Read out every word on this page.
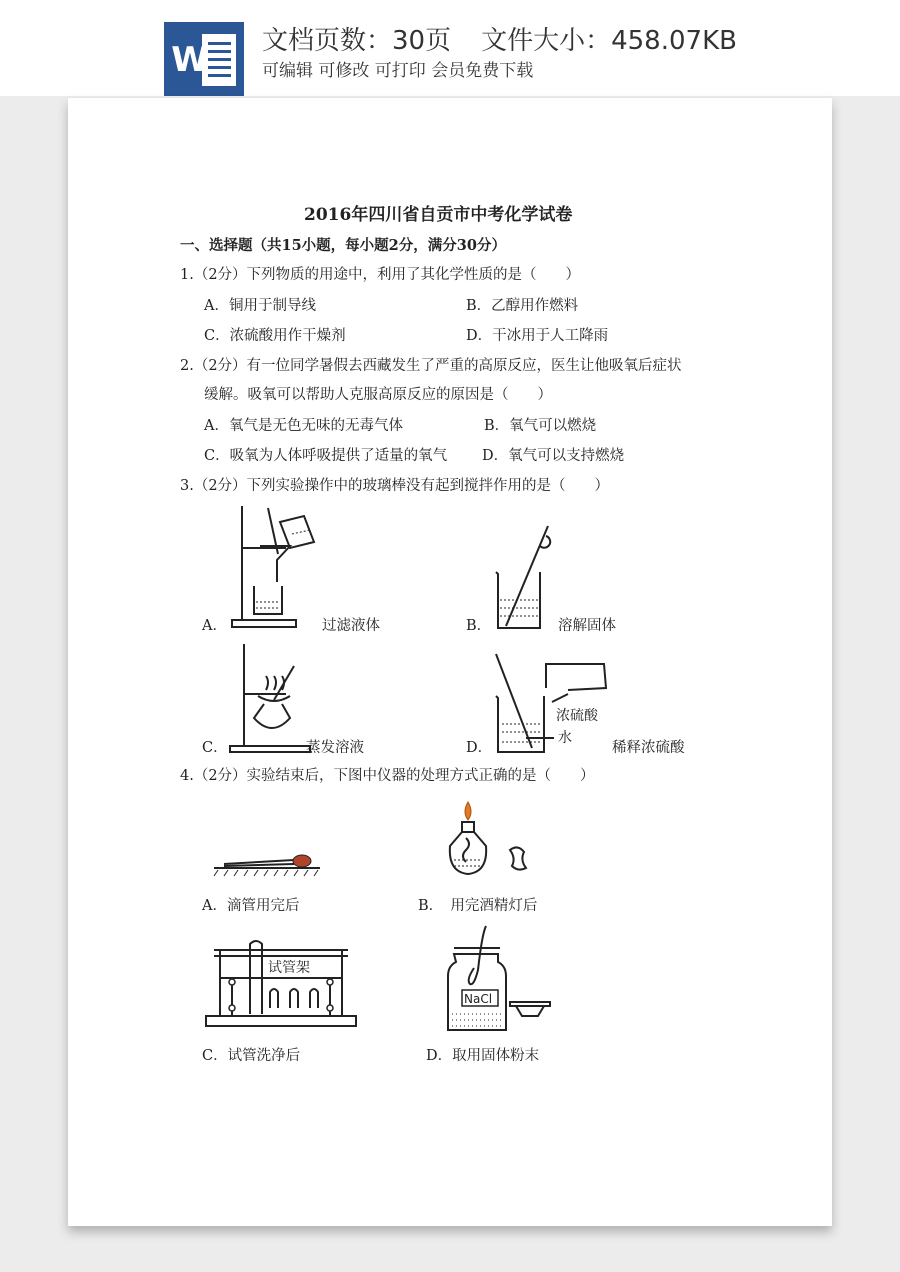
W 文档页数：30页 文件大小：458.07KB
可编辑 可修改 可打印 会员免费下载
2016年四川省自贡市中考化学试卷
一、选择题（共15小题，每小题2分，满分30分）
1.（2分）下列物质的用途中，利用了其化学性质的是（　　）
A．铜用于制导线	B．乙醇用作燃料
C．浓硫酸用作干燥剂	D．干冰用于人工降雨
2.（2分）有一位同学暑假去西藏发生了严重的高原反应，医生让他吸氧后症状
缓解。吸氧可以帮助人克服高原反应的原因是（　　）
A．氧气是无色无味的无毒气体	B．氧气可以燃烧
C．吸氧为人体呼吸提供了适量的氧气 D．氧气可以支持燃烧
3.（2分）下列实验操作中的玻璃棒没有起到搅拌作用的是（　　）
A．	过滤液体	B．	溶解固体
C．	蒸发溶液
浓硫酸
水
D．	稀释浓硫酸
4.（2分）实验结束后，下图中仪器的处理方式正确的是（　　）
A．滴管用完后	B．　用完酒精灯后
试管架
C．试管洗净后
NaCl
D．取用固体粉末
